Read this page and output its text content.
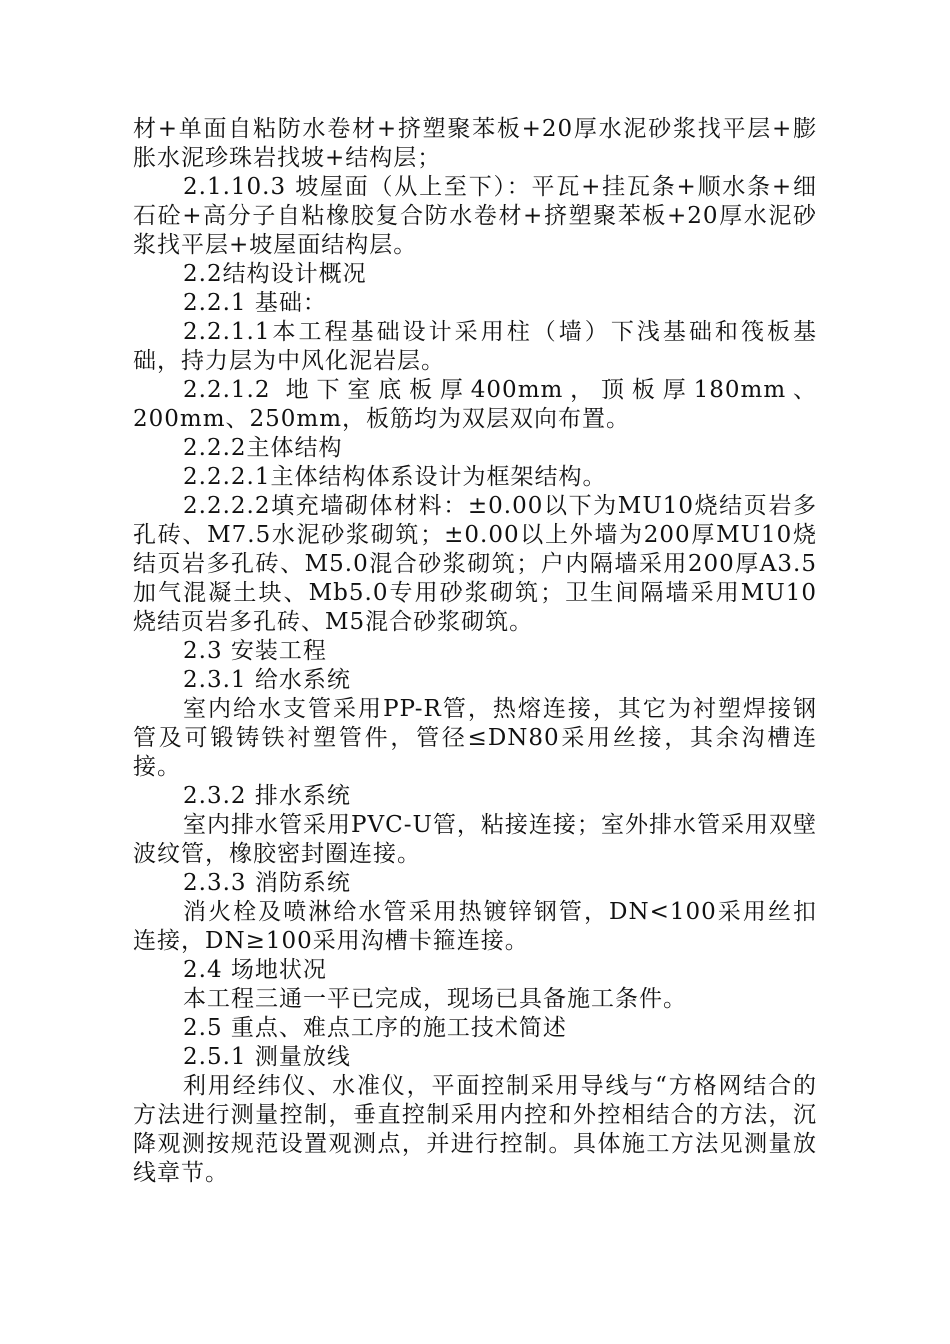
材+单面自粘防水卷材+挤塑聚苯板+20厚水泥砂浆找平层+膨胀水泥珍珠岩找坡+结构层；

2.1.10.3 坡屋面（从上至下）：平瓦+挂瓦条+顺水条+细石砼+高分子自粘橡胶复合防水卷材+挤塑聚苯板+20厚水泥砂浆找平层+坡屋面结构层。

2.2结构设计概况

2.2.1 基础：

2.2.1.1本工程基础设计采用柱（墙）下浅基础和筏板基础，持力层为中风化泥岩层。

2.2.1.2 地下室底板厚400mm，顶板厚180mm、200mm、250mm，板筋均为双层双向布置。

2.2.2主体结构

2.2.2.1主体结构体系设计为框架结构。

2.2.2.2填充墙砌体材料：±0.00以下为MU10烧结页岩多孔砖、M7.5水泥砂浆砌筑；±0.00以上外墙为200厚MU10烧结页岩多孔砖、M5.0混合砂浆砌筑；户内隔墙采用200厚A3.5加气混凝土块、Mb5.0专用砂浆砌筑；卫生间隔墙采用MU10烧结页岩多孔砖、M5混合砂浆砌筑。

2.3 安装工程

2.3.1 给水系统

室内给水支管采用PP-R管，热熔连接，其它为衬塑焊接钢管及可锻铸铁衬塑管件，管径≤DN80采用丝接，其余沟槽连接。

2.3.2 排水系统

室内排水管采用PVC-U管，粘接连接；室外排水管采用双壁波纹管，橡胶密封圈连接。

2.3.3 消防系统

消火栓及喷淋给水管采用热镀锌钢管，DN<100采用丝扣连接，DN≥100采用沟槽卡箍连接。

2.4 场地状况

本工程三通一平已完成，现场已具备施工条件。

2.5 重点、难点工序的施工技术简述

2.5.1 测量放线

利用经纬仪、水准仪，平面控制采用导线与“方格网结合的方法进行测量控制，垂直控制采用内控和外控相结合的方法，沉降观测按规范设置观测点，并进行控制。具体施工方法见测量放线章节。
